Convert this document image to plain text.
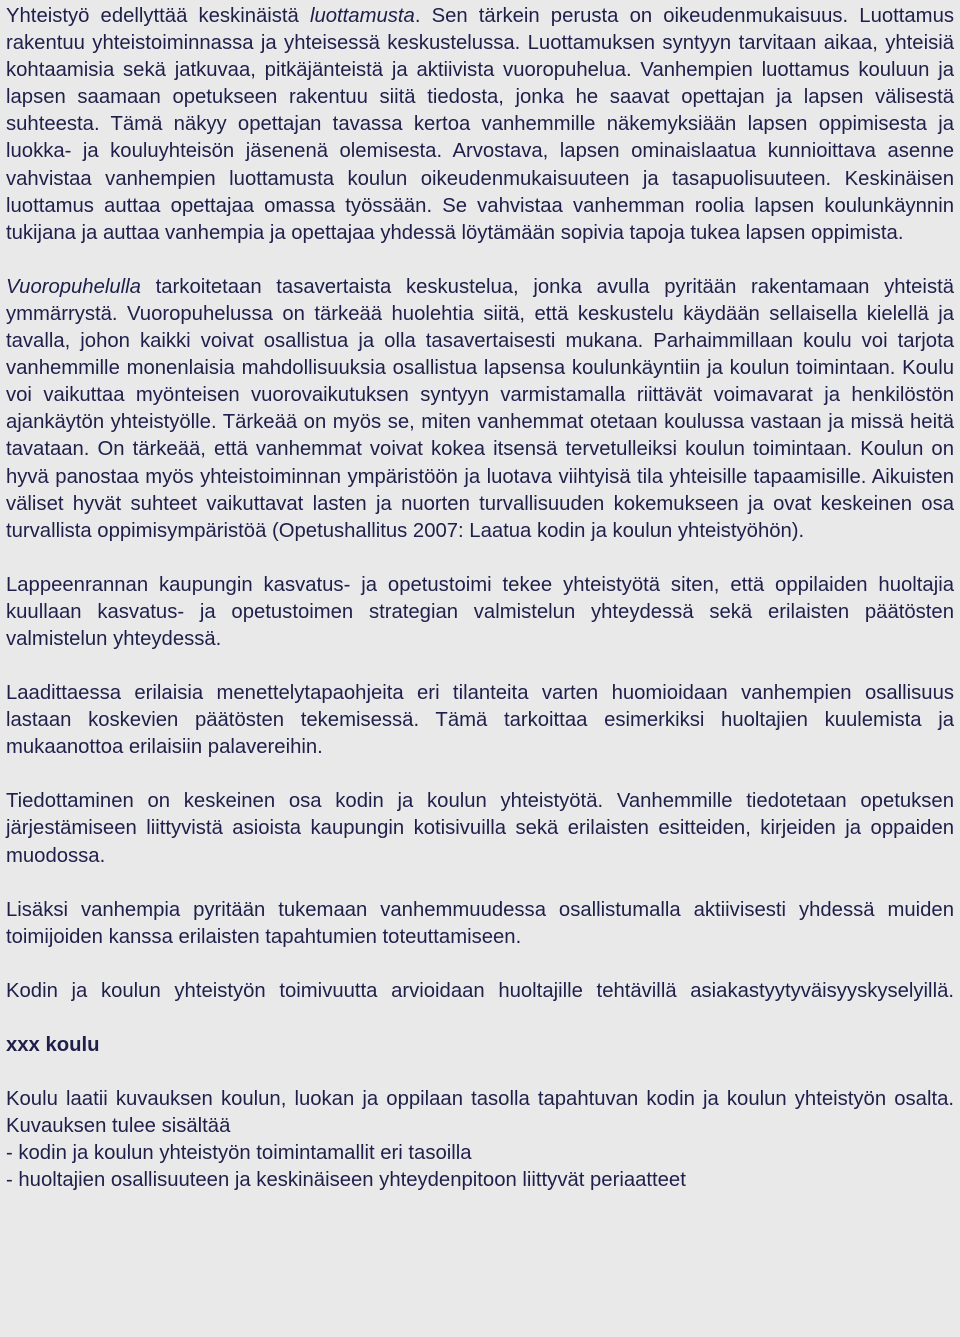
Yhteistyö edellyttää keskinäistä luottamusta. Sen tärkein perusta on oikeudenmukaisuus. Luottamus rakentuu yhteistoiminnassa ja yhteisessä keskustelussa. Luottamuksen syntyyn tarvitaan aikaa, yhteisiä kohtaamisia sekä jatkuvaa, pitkäjänteistä ja aktiivista vuoropuhelua. Vanhempien luottamus kouluun ja lapsen saamaan opetukseen rakentuu siitä tiedosta, jonka he saavat opettajan ja lapsen välisestä suhteesta. Tämä näkyy opettajan tavassa kertoa vanhemmille näkemyksiään lapsen oppimisesta ja luokka- ja kouluyhteisön jäsenenä olemisesta. Arvostava, lapsen ominaislaatua kunnioittava asenne vahvistaa vanhempien luottamusta koulun oikeudenmukaisuuteen ja tasapuolisuuteen. Keskinäisen luottamus auttaa opettajaa omassa työssään. Se vahvistaa vanhemman roolia lapsen koulunkäynnin tukijana ja auttaa vanhempia ja opettajaa yhdessä löytämään sopivia tapoja tukea lapsen oppimista.

Vuoropuhelulla tarkoitetaan tasavertaista keskustelua, jonka avulla pyritään rakentamaan yhteistä ymmärrystä. Vuoropuhelussa on tärkeää huolehtia siitä, että keskustelu käydään sellaisella kielellä ja tavalla, johon kaikki voivat osallistua ja olla tasavertaisesti mukana. Parhaimmillaan koulu voi tarjota vanhemmille monenlaisia mahdollisuuksia osallistua lapsensa koulunkäyntiin ja koulun toimintaan. Koulu voi vaikuttaa myönteisen vuorovaikutuksen syntyyn varmistamalla riittävät voimavarat ja henkilöstön ajankäytön yhteistyölle. Tärkeää on myös se, miten vanhemmat otetaan koulussa vastaan ja missä heitä tavataan. On tärkeää, että vanhemmat voivat kokea itsensä tervetulleiksi koulun toimintaan. Koulun on hyvä panostaa myös yhteistoiminnan ympäristöön ja luotava viihtyisä tila yhteisille tapaamisille. Aikuisten väliset hyvät suhteet vaikuttavat lasten ja nuorten turvallisuuden kokemukseen ja ovat keskeinen osa turvallista oppimisympäristöä (Opetushallitus 2007: Laatua kodin ja koulun yhteistyöhön).

Lappeenrannan kaupungin kasvatus- ja opetustoimi tekee yhteistyötä siten, että oppilaiden huoltajia kuullaan kasvatus- ja opetustoimen strategian valmistelun yhteydessä sekä erilaisten päätösten valmistelun yhteydessä.

Laadittaessa erilaisia menettelytapaohjeita eri tilanteita varten huomioidaan vanhempien osallisuus lastaan koskevien päätösten tekemisessä. Tämä tarkoittaa esimerkiksi huoltajien kuulemista ja mukaanottoa erilaisiin palavereihin.

Tiedottaminen on keskeinen osa kodin ja koulun yhteistyötä. Vanhemmille tiedotetaan opetuksen järjestämiseen liittyvistä asioista kaupungin kotisivuilla sekä erilaisten esitteiden, kirjeiden ja oppaiden muodossa.

Lisäksi vanhempia pyritään tukemaan vanhemmuudessa osallistumalla aktiivisesti yhdessä muiden toimijoiden kanssa erilaisten tapahtumien toteuttamiseen.

Kodin ja koulun yhteistyön toimivuutta arvioidaan huoltajille tehtävillä asiakastyytyväisyyskyselyillä.

xxx koulu

Koulu laatii kuvauksen koulun, luokan ja oppilaan tasolla tapahtuvan kodin ja koulun yhteistyön osalta. Kuvauksen tulee sisältää

- kodin ja koulun yhteistyön toimintamallit eri tasoilla
- huoltajien osallisuuteen ja keskinäiseen yhteydenpitoon liittyvät periaatteet
